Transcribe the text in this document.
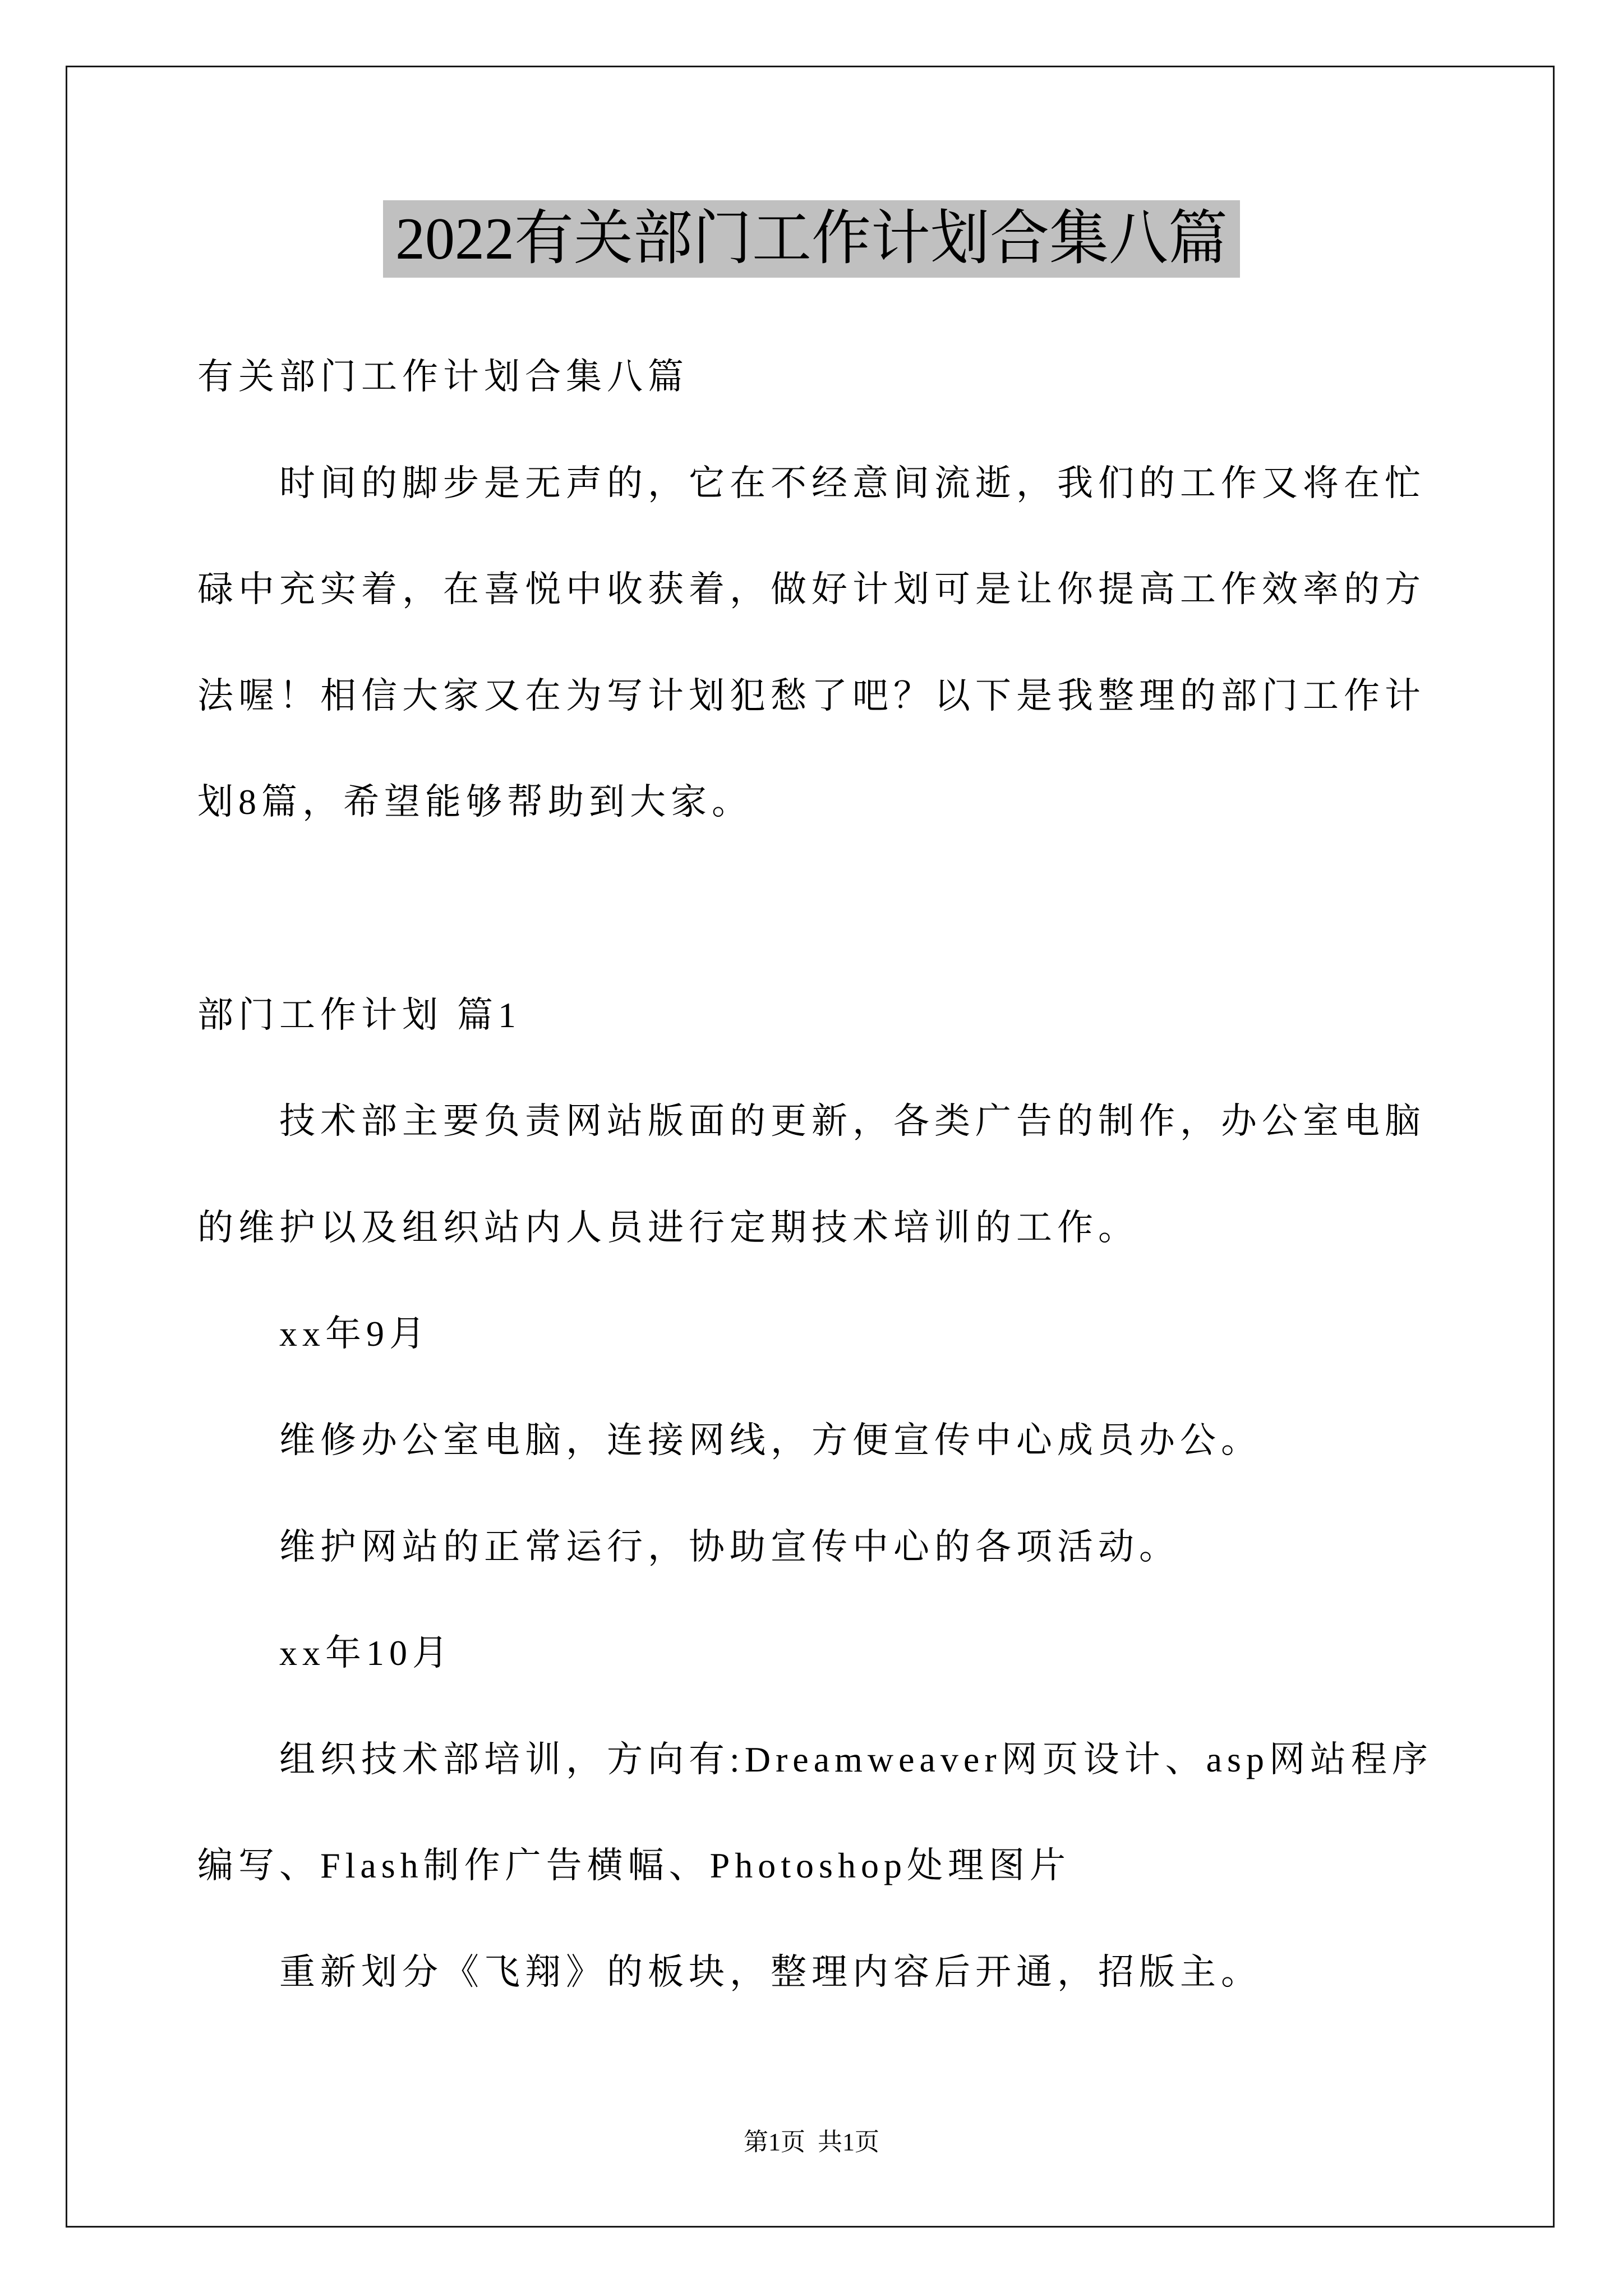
2022有关部门工作计划合集八篇
有关部门工作计划合集八篇
时间的脚步是无声的，它在不经意间流逝，我们的工作又将在忙
碌中充实着，在喜悦中收获着，做好计划可是让你提高工作效率的方
法喔！相信大家又在为写计划犯愁了吧？以下是我整理的部门工作计
划8篇，希望能够帮助到大家。
部门工作计划 篇1
技术部主要负责网站版面的更新，各类广告的制作，办公室电脑
的维护以及组织站内人员进行定期技术培训的工作。
xx年9月
维修办公室电脑，连接网线，方便宣传中心成员办公。
维护网站的正常运行，协助宣传中心的各项活动。
xx年10月
组织技术部培训，方向有:Dreamweaver网页设计、asp网站程序
编写、Flash制作广告横幅、Photoshop处理图片
重新划分《飞翔》的板块，整理内容后开通，招版主。
第1页  共1页
